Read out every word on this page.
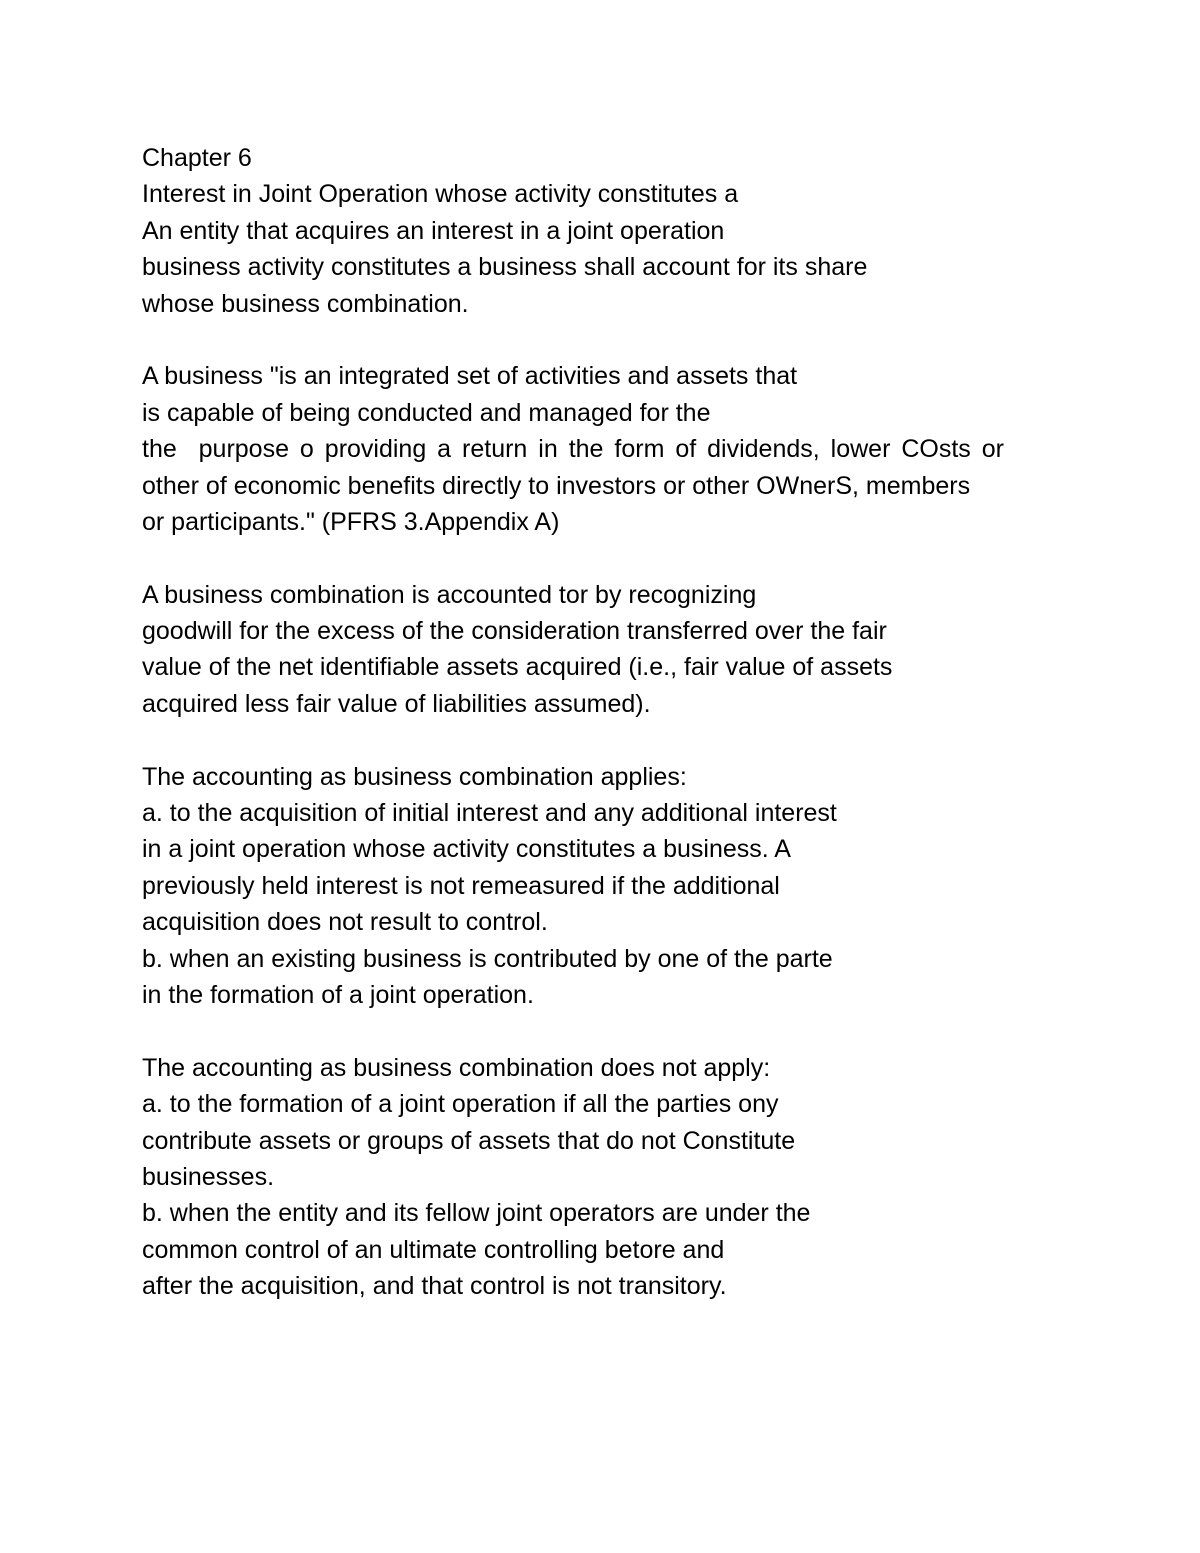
Chapter 6
Interest in Joint Operation whose activity constitutes a
An entity that acquires an interest in a joint operation
business activity constitutes a business shall account for its share
whose business combination.
A business "is an integrated set of activities and assets that
is capable of being conducted and managed for the
the  purpose o providing a return in the form of dividends, lower COsts or
other of economic benefits directly to investors or other OWnerS, members
or participants." (PFRS 3.Appendix A)
A business combination is accounted tor by recognizing
goodwill for the excess of the consideration transferred over the fair
value of the net identifiable assets acquired (i.e., fair value of assets
acquired less fair value of liabilities assumed).
The accounting as business combination applies:
a. to the acquisition of initial interest and any additional interest
in a joint operation whose activity constitutes a business. A
previously held interest is not remeasured if the additional
acquisition does not result to control.
b. when an existing business is contributed by one of the parte
in the formation of a joint operation.
The accounting as business combination does not apply:
a. to the formation of a joint operation if all the parties ony
contribute assets or groups of assets that do not Constitute
businesses.
b. when the entity and its fellow joint operators are under the
common control of an ultimate controlling betore and
after the acquisition, and that control is not transitory.
